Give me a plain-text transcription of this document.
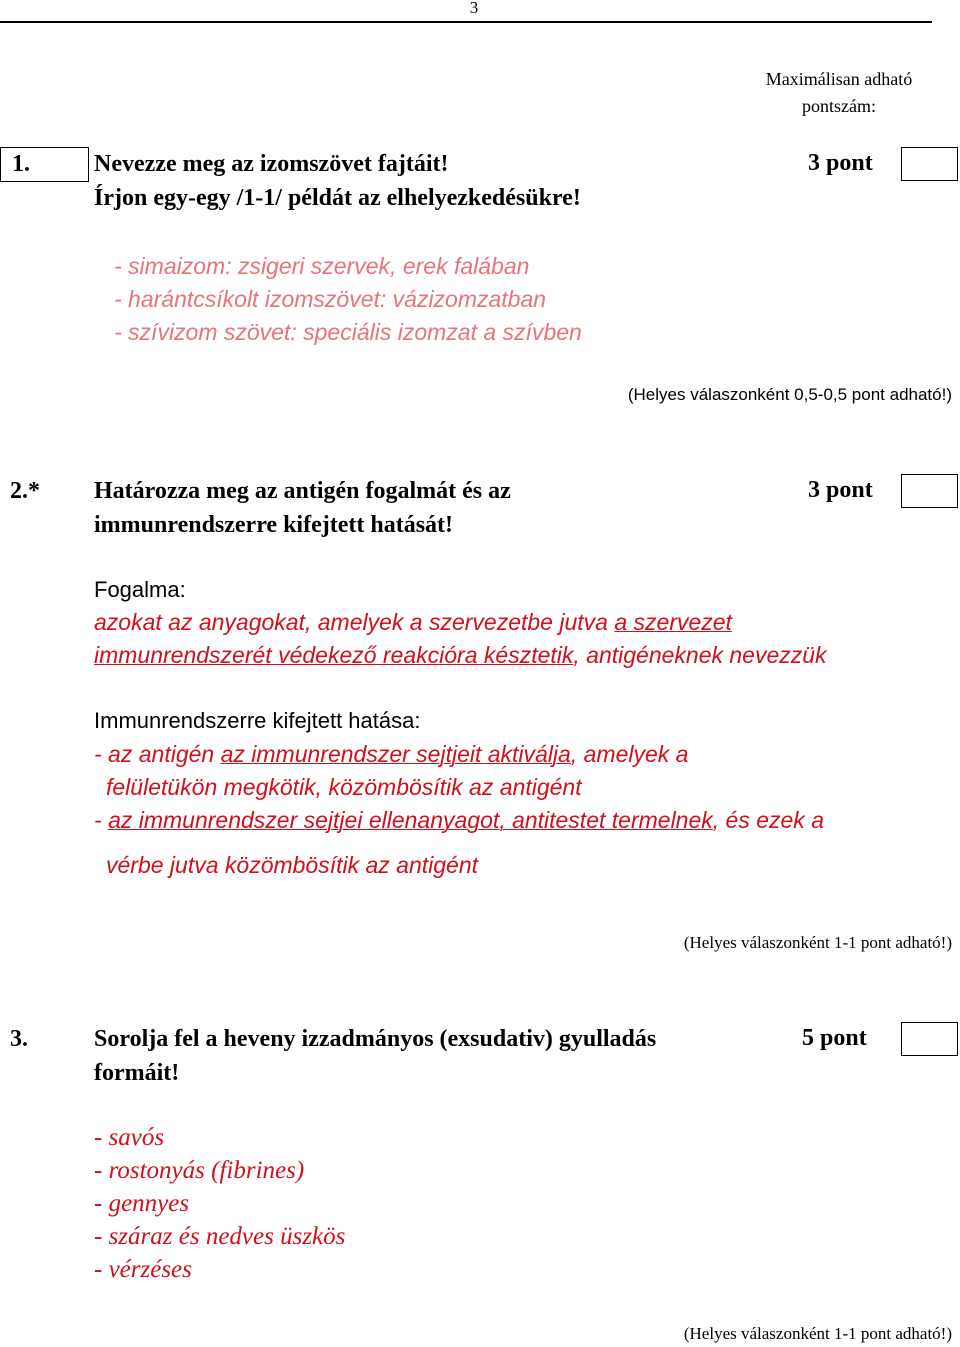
3
Maximálisan adható pontszám:
1.	Nevezze meg az izomszövet fajtáit!
Írjon egy-egy /1-1/ példát az elhelyezkedésükre!
3 pont
- simaizom: zsigeri szervek, erek falában
- harántcsíkolt izomszövet: vázizomzatban
- szívizom szövet: speciális izomzat a szívben
(Helyes válaszonként 0,5-0,5 pont adható!)
2.* Határozza meg az antigén fogalmát és az
immunrendszerre kifejtett hatását!
3 pont
Fogalma:
azokat az anyagokat, amelyek a szervezetbe jutva a szervezet
immunrendszerét védekező reakcióra késztetik, antigéneknek nevezzük
Immunrendszerre kifejtett hatása:
- az antigén az immunrendszer sejtjeit aktiválja, amelyek a
felületükön megkötik, közömbösítik az antigént
- az immunrendszer sejtjei ellenanyagot, antitestet termelnek, és ezek a
vérbe jutva közömbösítik az antigént
(Helyes válaszonként 1-1 pont adható!)
3.	Sorolja fel a heveny izzadmányos (exsudativ) gyulladás
formáit!
5 pont
- savós
- rostonyás (fibrines)
- gennyes
- száraz és nedves üszkös
- vérzéses
(Helyes válaszonként 1-1 pont adható!)
